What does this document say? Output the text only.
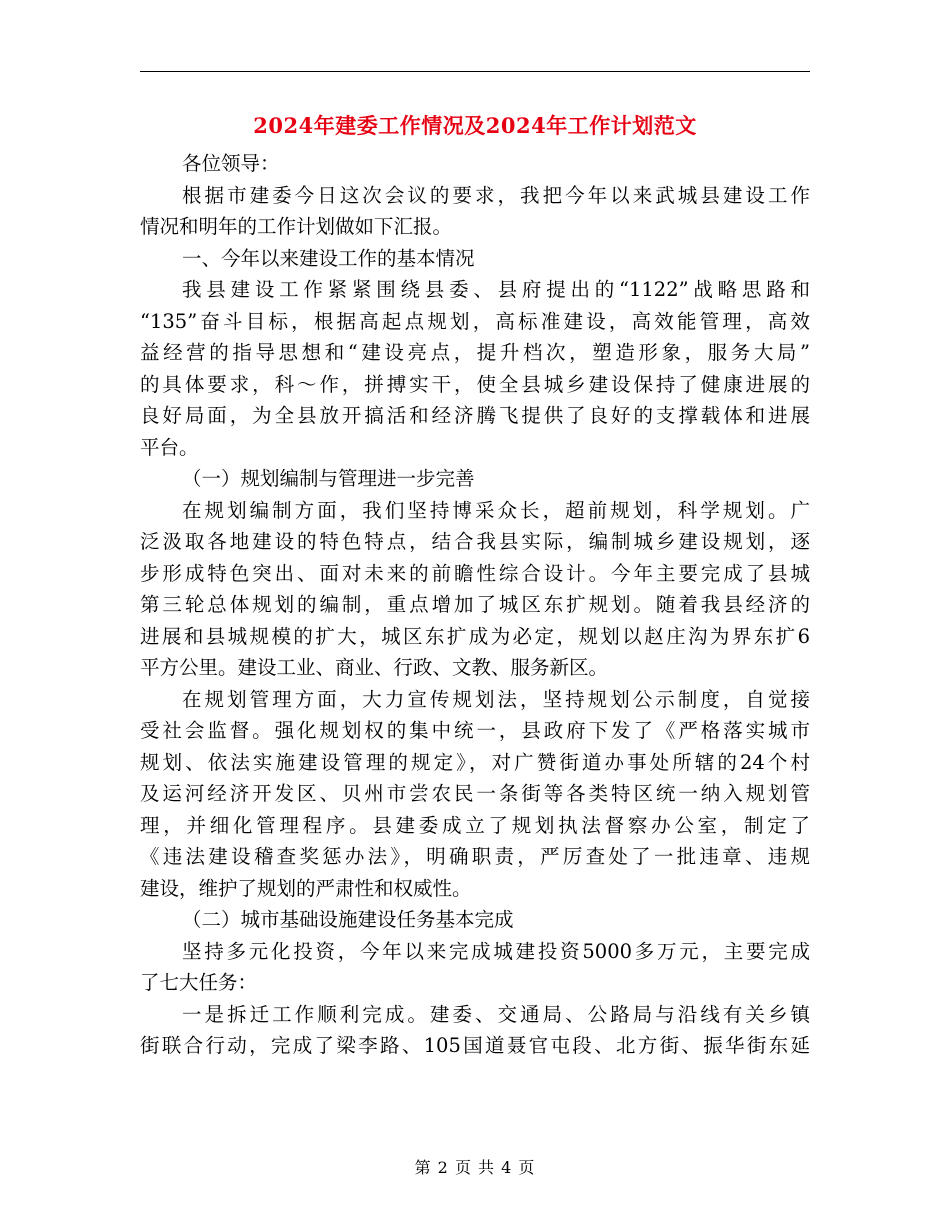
2024年建委工作情况及2024年工作计划范文
各位领导：
根据市建委今日这次会议的要求，我把今年以来武城县建设工作
情况和明年的工作计划做如下汇报。
一、今年以来建设工作的基本情况
我县建设工作紧紧围绕县委、县府提出的“1122”战略思路和
“135”奋斗目标，根据高起点规划，高标准建设，高效能管理，高效
益经营的指导思想和“建设亮点，提升档次，塑造形象，服务大局”
的具体要求，科～作，拼搏实干，使全县城乡建设保持了健康进展的
良好局面，为全县放开搞活和经济腾飞提供了良好的支撑载体和进展
平台。
（一）规划编制与管理进一步完善
在规划编制方面，我们坚持博采众长，超前规划，科学规划。广
泛汲取各地建设的特色特点，结合我县实际，编制城乡建设规划，逐
步形成特色突出、面对未来的前瞻性综合设计。今年主要完成了县城
第三轮总体规划的编制，重点增加了城区东扩规划。随着我县经济的
进展和县城规模的扩大，城区东扩成为必定，规划以赵庄沟为界东扩6
平方公里。建设工业、商业、行政、文教、服务新区。
在规划管理方面，大力宣传规划法，坚持规划公示制度，自觉接
受社会监督。强化规划权的集中统一，县政府下发了《严格落实城市
规划、依法实施建设管理的规定》，对广赞街道办事处所辖的24个村
及运河经济开发区、贝州市尝农民一条街等各类特区统一纳入规划管
理，并细化管理程序。县建委成立了规划执法督察办公室，制定了
《违法建设稽查奖惩办法》，明确职责，严厉查处了一批违章、违规
建设，维护了规划的严肃性和权威性。
（二）城市基础设施建设任务基本完成
坚持多元化投资，今年以来完成城建投资5000多万元，主要完成
了七大任务：
一是拆迁工作顺利完成。建委、交通局、公路局与沿线有关乡镇
街联合行动，完成了梁李路、105国道聂官屯段、北方街、振华街东延
第 2 页 共 4 页
